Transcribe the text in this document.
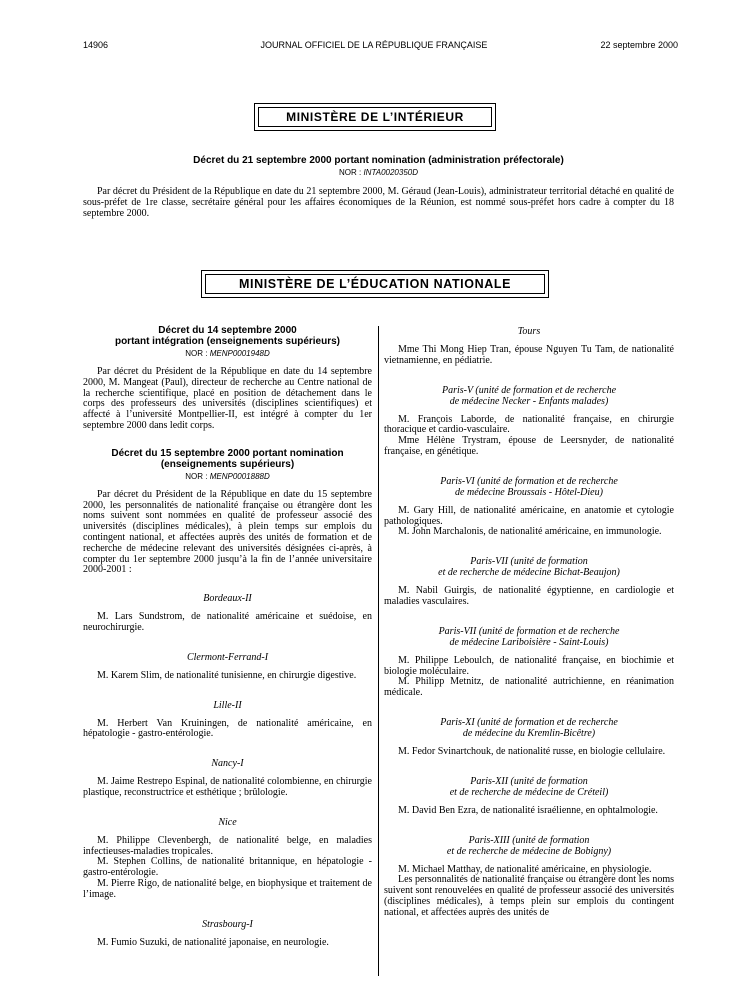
14906	JOURNAL OFFICIEL DE LA RÉPUBLIQUE FRANÇAISE	22 septembre 2000
MINISTÈRE DE L’INTÉRIEUR
Décret du 21 septembre 2000 portant nomination (administration préfectorale)
NOR : INTA0020350D

Par décret du Président de la République en date du 21 septembre 2000, M. Géraud (Jean-Louis), administrateur territorial détaché en qualité de sous-préfet de 1re classe, secrétaire général pour les affaires économiques de la Réunion, est nommé sous-préfet hors cadre à compter du 18 septembre 2000.

MINISTÈRE DE L’ÉDUCATION NATIONALE
Décret du 14 septembre 2000
portant intégration (enseignements supérieurs)
NOR : MENP0001948D

Par décret du Président de la République en date du 14 septembre 2000, M. Mangeat (Paul), directeur de recherche au Centre national de la recherche scientifique, placé en position de détachement dans le corps des professeurs des universités (disciplines scientifiques) et affecté à l’université Montpellier-II, est intégré à compter du 1er septembre 2000 dans ledit corps.

Décret du 15 septembre 2000 portant nomination
(enseignements supérieurs)
NOR : MENP0001888D

Par décret du Président de la République en date du 15 septembre 2000, les personnalités de nationalité française ou étrangère dont les noms suivent sont nommées en qualité de professeur associé des universités (disciplines médicales), à plein temps sur emplois du contingent national, et affectées auprès des unités de formation et de recherche de médecine relevant des universités désignées ci-après, à compter du 1er septembre 2000 jusqu’à la fin de l’année universitaire 2000-2001 :

Bordeaux-II

M. Lars Sundstrom, de nationalité américaine et suédoise, en neurochirurgie.

Clermont-Ferrand-I

M. Karem Slim, de nationalité tunisienne, en chirurgie digestive.

Lille-II

M. Herbert Van Kruiningen, de nationalité américaine, en hépatologie - gastro-entérologie.

Nancy-I

M. Jaime Restrepo Espinal, de nationalité colombienne, en chirurgie plastique, reconstructrice et esthétique ; brûlologie.

Nice

M. Philippe Clevenbergh, de nationalité belge, en maladies infectieuses-maladies tropicales.

M. Stephen Collins, de nationalité britannique, en hépatologie - gastro-entérologie.

M. Pierre Rigo, de nationalité belge, en biophysique et traitement de l’image.

Strasbourg-I

M. Fumio Suzuki, de nationalité japonaise, en neurologie.

Tours

Mme Thi Mong Hiep Tran, épouse Nguyen Tu Tam, de nationalité vietnamienne, en pédiatrie.

Paris-V (unité de formation et de recherche
de médecine Necker - Enfants malades)

M. François Laborde, de nationalité française, en chirurgie thoracique et cardio-vasculaire.

Mme Hélène Trystram, épouse de Leersnyder, de nationalité française, en génétique.

Paris-VI (unité de formation et de recherche
de médecine Broussais - Hôtel-Dieu)

M. Gary Hill, de nationalité américaine, en anatomie et cytologie pathologiques.

M. John Marchalonis, de nationalité américaine, en immunologie.

Paris-VII (unité de formation
et de recherche de médecine Bichat-Beaujon)

M. Nabil Guirgis, de nationalité égyptienne, en cardiologie et maladies vasculaires.

Paris-VII (unité de formation et de recherche
de médecine Lariboisière - Saint-Louis)

M. Philippe Leboulch, de nationalité française, en biochimie et biologie moléculaire.

M. Philipp Metnitz, de nationalité autrichienne, en réanimation médicale.

Paris-XI (unité de formation et de recherche
de médecine du Kremlin-Bicêtre)

M. Fedor Svinartchouk, de nationalité russe, en biologie cellulaire.

Paris-XII (unité de formation
et de recherche de médecine de Créteil)

M. David Ben Ezra, de nationalité israélienne, en ophtalmologie.

Paris-XIII (unité de formation
et de recherche de médecine de Bobigny)

M. Michael Matthay, de nationalité américaine, en physiologie.

Les personnalités de nationalité française ou étrangère dont les noms suivent sont renouvelées en qualité de professeur associé des universités (disciplines médicales), à temps plein sur emplois du contingent national, et affectées auprès des unités de
